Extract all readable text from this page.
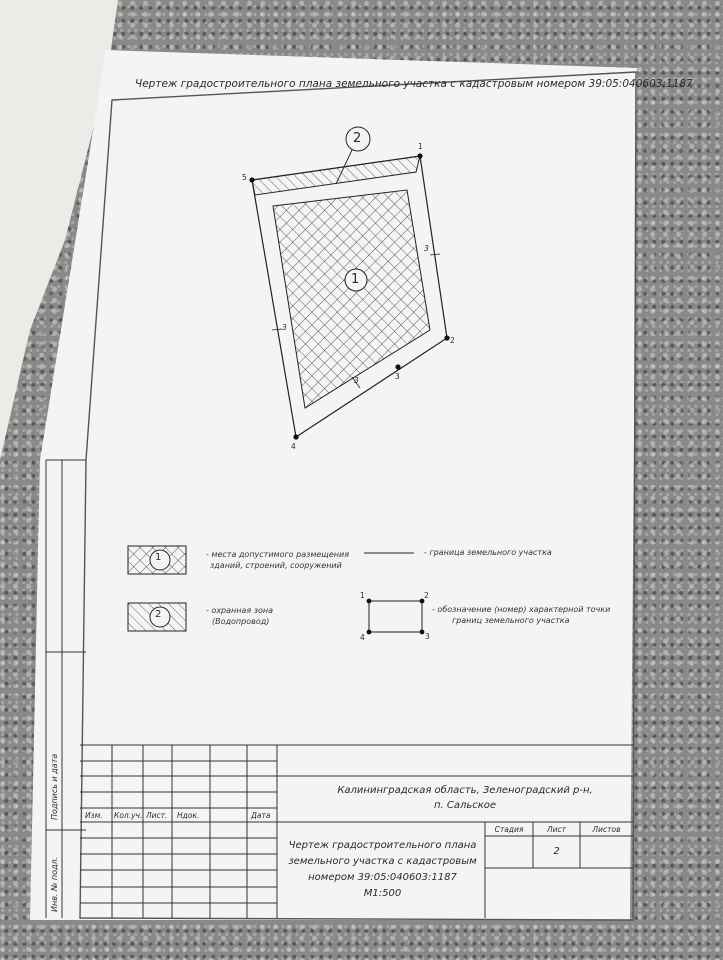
Чертеж градостроительного плана земельного участка с кадастровым номером 39:05:040603:1187
2
1
3
3
3
1
2
3
4
5
1	- места допустимого размещения
зданий, строений, сооружений
2	- охранная зона
(Водопровод)
- граница земельного участка
- обозначение (номер) характерной точки
границ земельного участка
1	2
3
4
Изм. Кол.уч. Лист. Ндок.	Дата
Калининградская область, Зеленоградский р-н,
п. Сальское
Чертеж градостроительного плана
земельного участка с кадастровым
номером 39:05:040603:1187
М1:500
Стадия	Лист	Листов
2
Подпись и дата
Инв. № подл.
